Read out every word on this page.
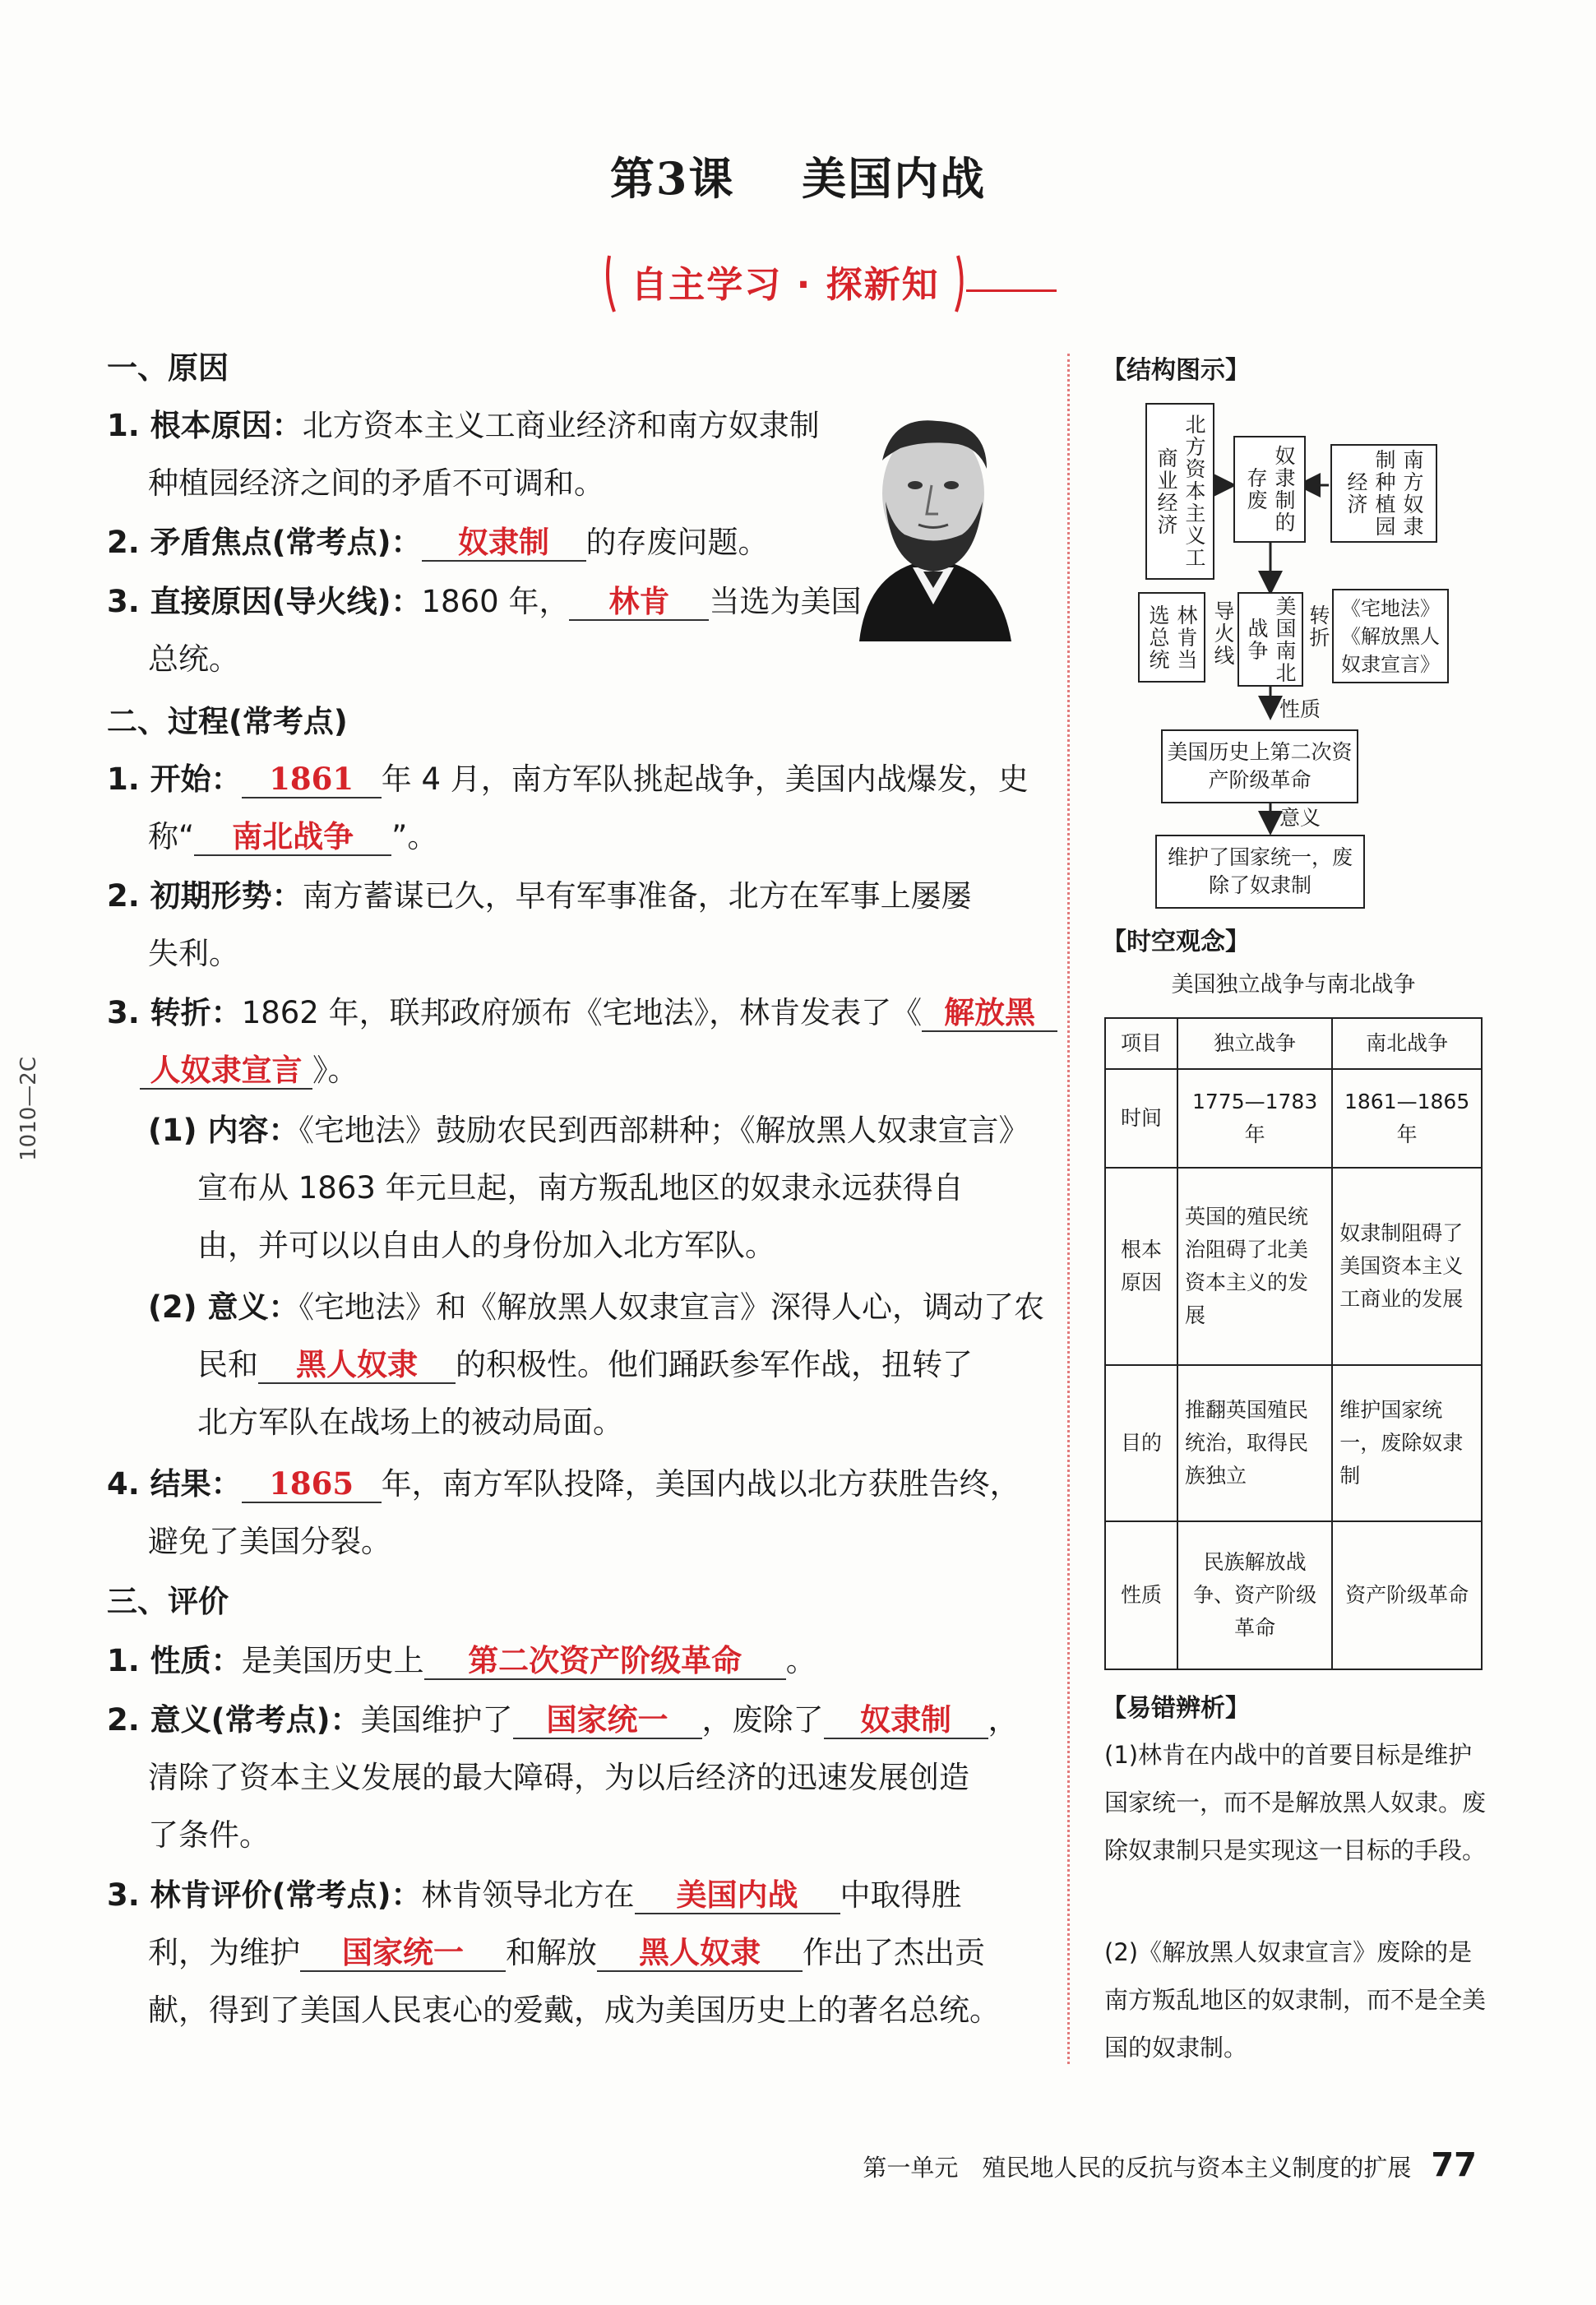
第3课 美国内战
自主学习 · 探新知
一、原因
1. 根本原因：北方资本主义工商业经济和南方奴隶制
种植园经济之间的矛盾不可调和。
2. 矛盾焦点(常考点)： 奴隶制 的存废问题。
3. 直接原因(导火线)：1860 年， 林肯 当选为美国
总统。
二、过程(常考点)
1. 开始： 1861 年 4 月，南方军队挑起战争，美国内战爆发，史
称“ 南北战争 ”。
2. 初期形势：南方蓄谋已久，早有军事准备，北方在军事上屡屡
失利。
3. 转折：1862 年，联邦政府颁布《宅地法》，林肯发表了《 解放黑
人奴隶宣言 》。
(1) 内容：《宅地法》鼓励农民到西部耕种；《解放黑人奴隶宣言》
宣布从 1863 年元旦起，南方叛乱地区的奴隶永远获得自
由，并可以以自由人的身份加入北方军队。
(2) 意义：《宅地法》和《解放黑人奴隶宣言》深得人心，调动了农
民和 黑人奴隶 的积极性。他们踊跃参军作战，扭转了
北方军队在战场上的被动局面。
4. 结果： 1865 年，南方军队投降，美国内战以北方获胜告终，
避免了美国分裂。
三、评价
1. 性质：是美国历史上 第二次资产阶级革命 。
2. 意义(常考点)：美国维护了 国家统一 ，废除了 奴隶制 ，
清除了资本主义发展的最大障碍，为以后经济的迅速发展创造
了条件。
3. 林肯评价(常考点)：林肯领导北方在 美国内战 中取得胜
利，为维护 国家统一 和解放 黑人奴隶 作出了杰出贡
献，得到了美国人民衷心的爱戴，成为美国历史上的著名总统。
【结构图示】
北方资本主义工商业经济	奴隶制的存废	南方奴隶制种植园经济
林肯当选总统	导火线	美国南北战争	转折 《宅地法》《解放黑人奴隶宣言》
性质
美国历史上第二次资产阶级革命
意义
维护了国家统一，废除了奴隶制
【时空观念】
美国独立战争与南北战争
项目	独立战争	南北战争
时间	1775—1783 年	1861—1865 年
根本原因	英国的殖民统治阻碍了北美资本主义的发展	奴隶制阻碍了美国资本主义工商业的发展
目的	推翻英国殖民统治，取得民族独立	维护国家统一，废除奴隶制
性质	民族解放战争、资产阶级革命	资产阶级革命
【易错辨析】
(1)林肯在内战中的首要目标是维护国家统一，而不是解放黑人奴隶。废除奴隶制只是实现这一目标的手段。
(2)《解放黑人奴隶宣言》废除的是南方叛乱地区的奴隶制，而不是全美国的奴隶制。
第一单元　殖民地人民的反抗与资本主义制度的扩展 77
1010—2C
